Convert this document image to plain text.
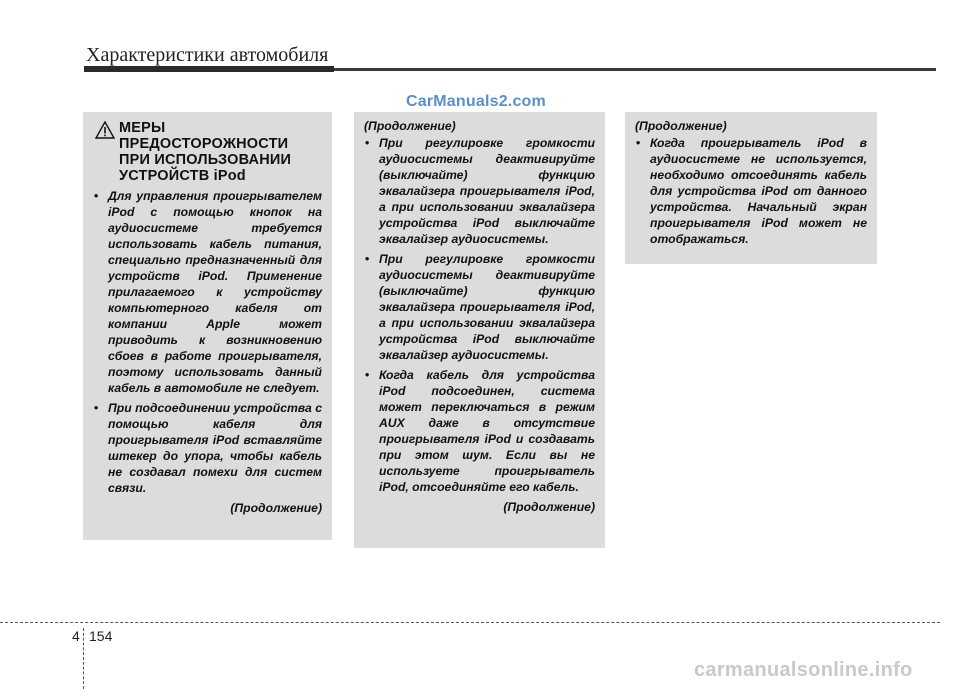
Характеристики автомобиля
CarManuals2.com
МЕРЫ
ПРЕДОСТОРОЖНОСТИ
ПРИ ИСПОЛЬЗОВАНИИ
УСТРОЙСТВ iPod
• Для управления проигрывателем iPod с помощью кнопок на аудиосистеме требуется использовать кабель питания, специально предназначенный для устройств iPod. Применение прилагаемого к устройству компьютерного кабеля от компании Apple может приводить к возникновению сбоев в работе проигрывателя, поэтому использовать данный кабель в автомобиле не следует.
• При подсоединении устройства с помощью кабеля для проигрывателя iPod вставляйте штекер до упора, чтобы кабель не создавал помехи для систем связи.
(Продолжение)
(Продолжение)
• При регулировке громкости аудиосистемы деактивируйте (выключайте) функцию эквалайзера проигрывателя iPod, а при использовании эквалайзера устройства iPod выключайте эквалайзер аудиосистемы.
• При регулировке громкости аудиосистемы деактивируйте (выключайте) функцию эквалайзера проигрывателя iPod, а при использовании эквалайзера устройства iPod выключайте эквалайзер аудиосистемы.
• Когда кабель для устройства iPod подсоединен, система может переключаться в режим AUX даже в отсутствие проигрывателя iPod и создавать при этом шум. Если вы не используете проигрыватель iPod, отсоединяйте его кабель.
(Продолжение)
(Продолжение)
• Когда проигрыватель iPod в аудиосистеме не используется, необходимо отсоединять кабель для устройства iPod от данного устройства. Начальный экран проигрывателя iPod может не отображаться.
4 154
carmanualsonline.info
